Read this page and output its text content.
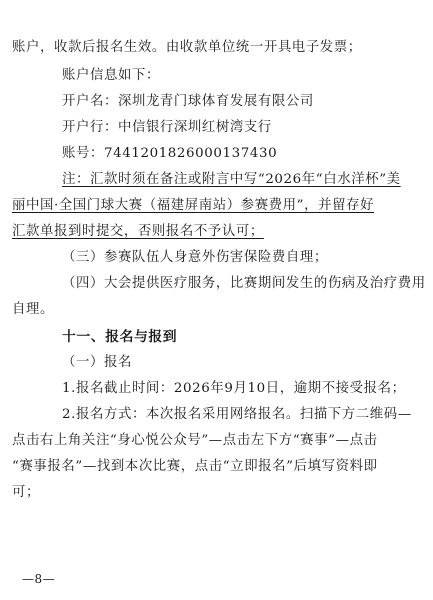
账户，收款后报名生效。由收款单位统一开具电子发票；
账户信息如下：
开户名：深圳龙青门球体育发展有限公司
开户行：中信银行深圳红树湾支行
账号：7441201826000137430
注：汇款时须在备注或附言中写“2026年“白水洋杯”美
丽中国·全国门球大赛（福建屏南站）参赛费用”，并留存好
汇款单报到时提交，否则报名不予认可；
（三）参赛队伍人身意外伤害保险费自理；
（四）大会提供医疗服务，比赛期间发生的伤病及治疗费用
自理。
十一、报名与报到
（一）报名
1.报名截止时间：2026年9月10日，逾期不接受报名；
2.报名方式：本次报名采用网络报名。扫描下方二维码—
点击右上角关注“身心悦公众号”—点击左下方“赛事”—点击
“赛事报名”—找到本次比赛，点击“立即报名”后填写资料即
可；
—8—
